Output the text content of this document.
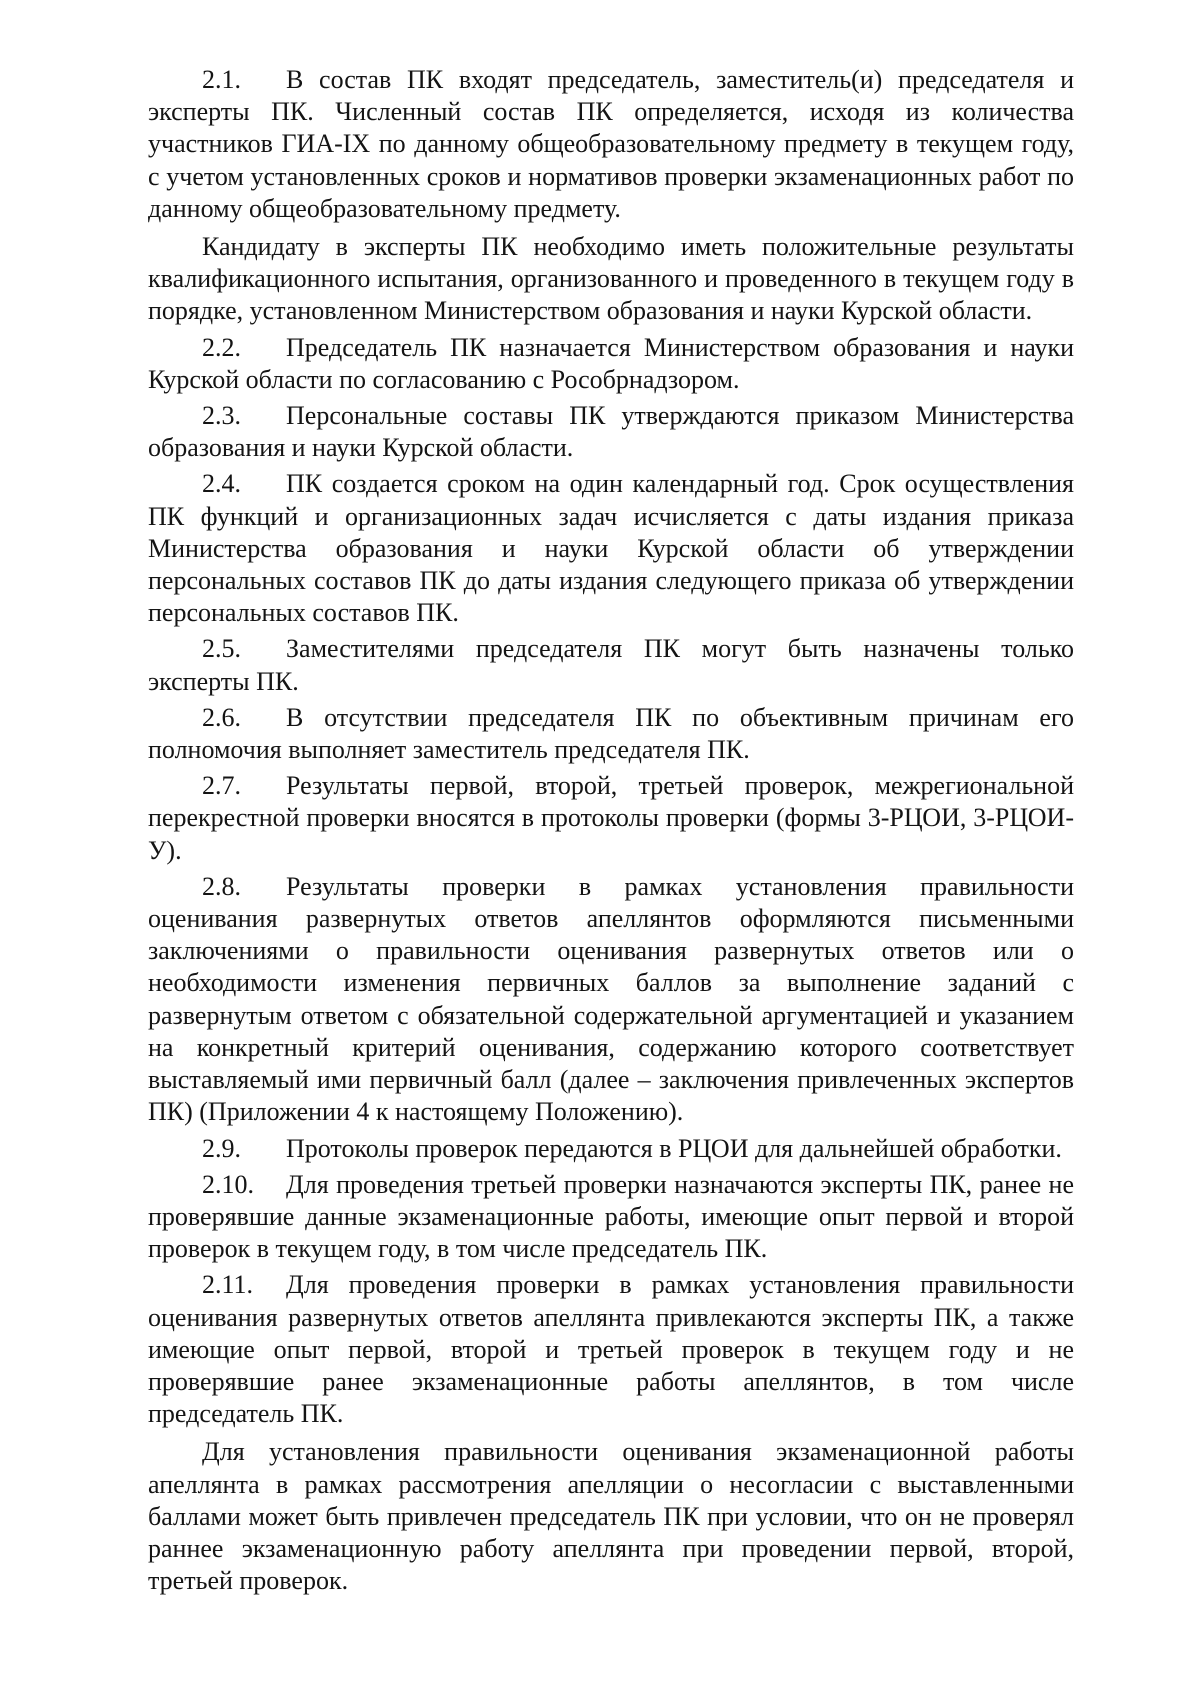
2.1. В состав ПК входят председатель, заместитель(и) председателя и эксперты ПК. Численный состав ПК определяется, исходя из количества участников ГИА-IX по данному общеобразовательному предмету в текущем году, с учетом установленных сроков и нормативов проверки экзаменационных работ по данному общеобразовательному предмету.

Кандидату в эксперты ПК необходимо иметь положительные результаты квалификационного испытания, организованного и проведенного в текущем году в порядке, установленном Министерством образования и науки Курской области.

2.2. Председатель ПК назначается Министерством образования и науки Курской области по согласованию с Рособрнадзором.

2.3. Персональные составы ПК утверждаются приказом Министерства образования и науки Курской области.

2.4. ПК создается сроком на один календарный год. Срок осуществления ПК функций и организационных задач исчисляется с даты издания приказа Министерства образования и науки Курской области об утверждении персональных составов ПК до даты издания следующего приказа об утверждении персональных составов ПК.

2.5. Заместителями председателя ПК могут быть назначены только эксперты ПК.

2.6. В отсутствии председателя ПК по объективным причинам его полномочия выполняет заместитель председателя ПК.

2.7. Результаты первой, второй, третьей проверок, межрегиональной перекрестной проверки вносятся в протоколы проверки (формы 3-РЦОИ, 3-РЦОИ-У).

2.8. Результаты проверки в рамках установления правильности оценивания развернутых ответов апеллянтов оформляются письменными заключениями о правильности оценивания развернутых ответов или о необходимости изменения первичных баллов за выполнение заданий с развернутым ответом с обязательной содержательной аргументацией и указанием на конкретный критерий оценивания, содержанию которого соответствует выставляемый ими первичный балл (далее – заключения привлеченных экспертов ПК) (Приложении 4 к настоящему Положению).

2.9. Протоколы проверок передаются в РЦОИ для дальнейшей обработки.

2.10. Для проведения третьей проверки назначаются эксперты ПК, ранее не проверявшие данные экзаменационные работы, имеющие опыт первой и второй проверок в текущем году, в том числе председатель ПК.

2.11. Для проведения проверки в рамках установления правильности оценивания развернутых ответов апеллянта привлекаются эксперты ПК, а также имеющие опыт первой, второй и третьей проверок в текущем году и не проверявшие ранее экзаменационные работы апеллянтов, в том числе председатель ПК.

Для установления правильности оценивания экзаменационной работы апеллянта в рамках рассмотрения апелляции о несогласии с выставленными баллами может быть привлечен председатель ПК при условии, что он не проверял раннее экзаменационную работу апеллянта при проведении первой, второй, третьей проверок.
